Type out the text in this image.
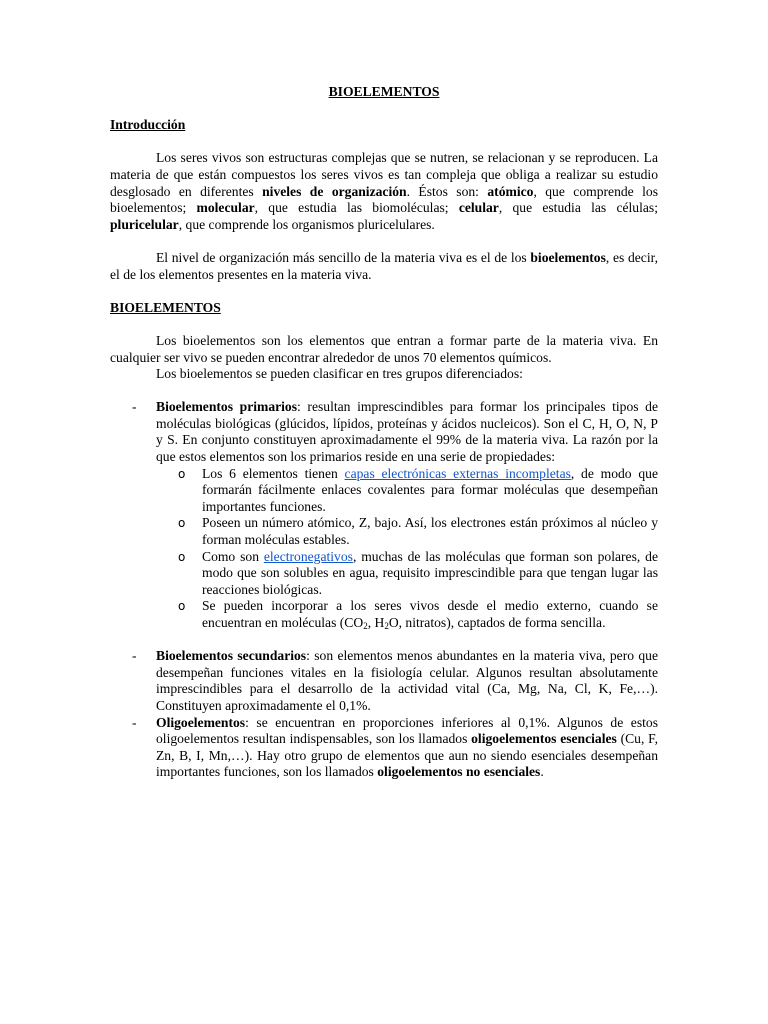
BIOELEMENTOS

Introducción

Los seres vivos son estructuras complejas que se nutren, se relacionan y se reproducen. La materia de que están compuestos los seres vivos es tan compleja que obliga a realizar su estudio desglosado en diferentes niveles de organización. Éstos son: atómico, que comprende los bioelementos; molecular, que estudia las biomoléculas; celular, que estudia las células; pluricelular, que comprende los organismos pluricelulares.

El nivel de organización más sencillo de la materia viva es el de los bioelementos, es decir, el de los elementos presentes en la materia viva.

BIOELEMENTOS

Los bioelementos son los elementos que entran a formar parte de la materia viva. En cualquier ser vivo se pueden encontrar alrededor de unos 70 elementos químicos.

Los bioelementos se pueden clasificar en tres grupos diferenciados:

- Bioelementos primarios: resultan imprescindibles para formar los principales tipos de moléculas biológicas (glúcidos, lípidos, proteínas y ácidos nucleicos). Son el C, H, O, N, P y S. En conjunto constituyen aproximadamente el 99% de la materia viva. La razón por la que estos elementos son los primarios reside en una serie de propiedades:
o Los 6 elementos tienen capas electrónicas externas incompletas, de modo que formarán fácilmente enlaces covalentes para formar moléculas que desempeñan importantes funciones.
o Poseen un número atómico, Z, bajo. Así, los electrones están próximos al núcleo y forman moléculas estables.
o Como son electronegativos, muchas de las moléculas que forman son polares, de modo que son solubles en agua, requisito imprescindible para que tengan lugar las reacciones biológicas.
o Se pueden incorporar a los seres vivos desde el medio externo, cuando se encuentran en moléculas ($CO_2$, $H_2O$, nitratos), captados de forma sencilla.
- Bioelementos secundarios: son elementos menos abundantes en la materia viva, pero que desempeñan funciones vitales en la fisiología celular. Algunos resultan absolutamente imprescindibles para el desarrollo de la actividad vital (Ca, Mg, Na, Cl, K, Fe,…). Constituyen aproximadamente el 0,1%.
- Oligoelementos: se encuentran en proporciones inferiores al 0,1%. Algunos de estos oligoelementos resultan indispensables, son los llamados oligoelementos esenciales (Cu, F, Zn, B, I, Mn,…). Hay otro grupo de elementos que aun no siendo esenciales desempeñan importantes funciones, son los llamados oligoelementos no esenciales.
